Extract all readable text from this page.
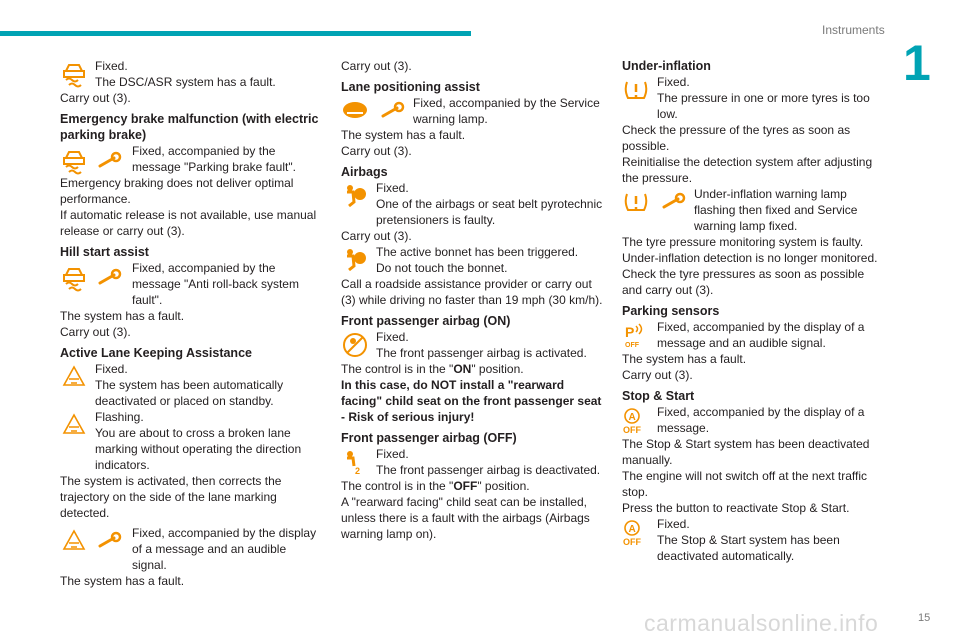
Instruments
1

Fixed.

The DSC/ASR system has a fault.

Carry out (3).

Emergency brake malfunction (with electric parking brake)

Fixed, accompanied by the message "Parking brake fault".

Emergency braking does not deliver optimal performance.

If automatic release is not available, use manual release or carry out (3).

Hill start assist

Fixed, accompanied by the message "Anti roll-back system fault".

The system has a fault.

Carry out (3).

Active Lane Keeping Assistance

Fixed.

The system has been automatically deactivated or placed on standby.

Flashing.

You are about to cross a broken lane marking without operating the direction indicators.

The system is activated, then corrects the trajectory on the side of the lane marking detected.

Fixed, accompanied by the display of a message and an audible signal.

The system has a fault.

Carry out (3).

Lane positioning assist

Fixed, accompanied by the Service warning lamp.

The system has a fault.

Carry out (3).

Airbags

Fixed.

One of the airbags or seat belt pyrotechnic pretensioners is faulty.

Carry out (3).

The active bonnet has been triggered.

Do not touch the bonnet.

Call a roadside assistance provider or carry out (3) while driving no faster than 19 mph (30 km/h).

Front passenger airbag (ON)

Fixed.

The front passenger airbag is activated.

The control is in the "ON" position.

In this case, do NOT install a "rearward facing" child seat on the front passenger seat - Risk of serious injury!

Front passenger airbag (OFF)

Fixed.

The front passenger airbag is deactivated.

The control is in the "OFF" position.

A "rearward facing" child seat can be installed, unless there is a fault with the airbags (Airbags warning lamp on).

Under-inflation

Fixed.

The pressure in one or more tyres is too low.

Check the pressure of the tyres as soon as possible.

Reinitialise the detection system after adjusting the pressure.

Under-inflation warning lamp flashing then fixed and Service warning lamp fixed.

The tyre pressure monitoring system is faulty.

Under-inflation detection is no longer monitored.

Check the tyre pressures as soon as possible and carry out (3).

Parking sensors

Fixed, accompanied by the display of a message and an audible signal.

The system has a fault.

Carry out (3).

Stop & Start

Fixed, accompanied by the display of a message.

The Stop & Start system has been deactivated manually.

The engine will not switch off at the next traffic stop.

Press the button to reactivate Stop & Start.

Fixed.

The Stop & Start system has been deactivated automatically.

carmanualsonline.info	15
